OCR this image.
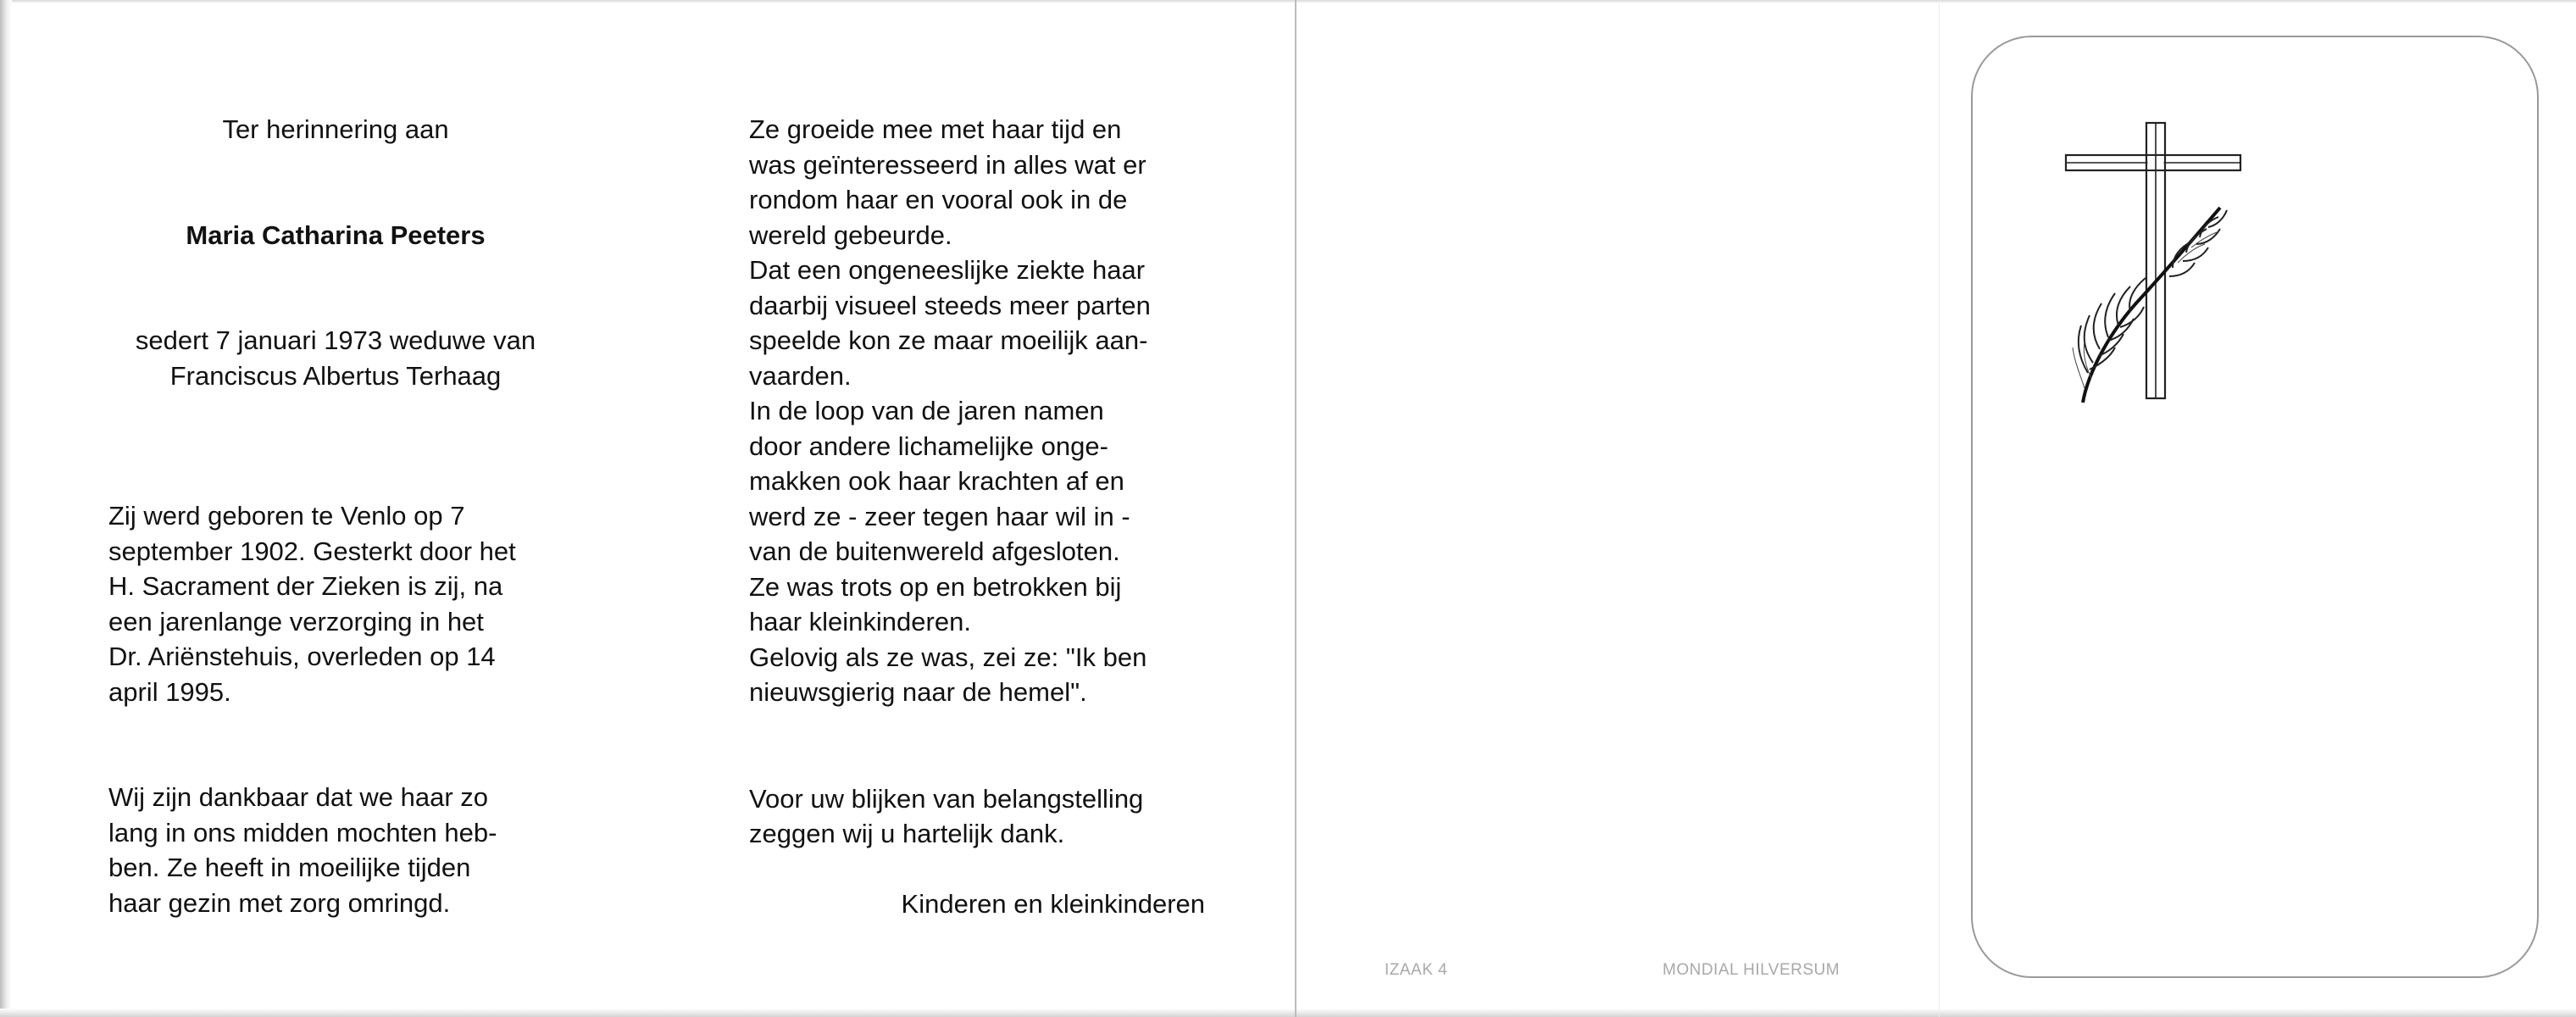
Ter herinnering aan

Maria Catharina Peeters

sedert 7 januari 1973 weduwe van

Franciscus Albertus Terhaag

Zij werd geboren te Venlo op 7

september 1902. Gesterkt door het

H. Sacrament der Zieken is zij, na

een jarenlange verzorging in het

Dr. Ariënstehuis, overleden op 14

april 1995.

Wij zijn dankbaar dat we haar zo

lang in ons midden mochten heb-

ben. Ze heeft in moeilijke tijden

haar gezin met zorg omringd.

Ze groeide mee met haar tijd en

was geïnteresseerd in alles wat er

rondom haar en vooral ook in de

wereld gebeurde.

Dat een ongeneeslijke ziekte haar

daarbij visueel steeds meer parten

speelde kon ze maar moeilijk aan-

vaarden.

In de loop van de jaren namen

door andere lichamelijke onge-

makken ook haar krachten af en

werd ze - zeer tegen haar wil in -

van de buitenwereld afgesloten.

Ze was trots op en betrokken bij

haar kleinkinderen.

Gelovig als ze was, zei ze: "Ik ben

nieuwsgierig naar de hemel".

Voor uw blijken van belangstelling

zeggen wij u hartelijk dank.

Kinderen en kleinkinderen

IZAAK 4	MONDIAL HILVERSUM
